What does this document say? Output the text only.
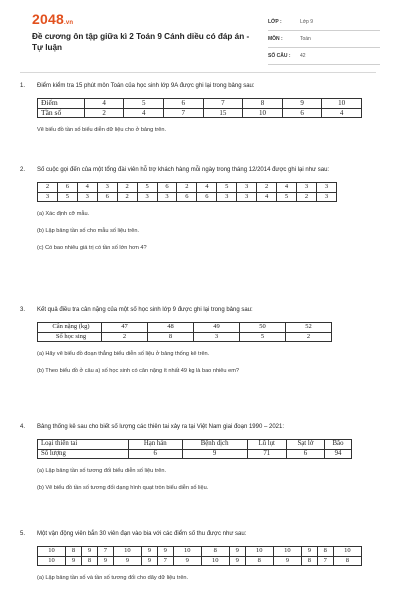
2048.vn
Đề cương ôn tập giữa kì 2 Toán 9 Cánh diều có đáp án - Tự luận
LỚP :	Lớp 9
MÔN :	Toán
SỐ CÂU :	42
1.	Điểm kiểm tra 15 phút môn Toán của học sinh lớp 9A được ghi lại trong bảng sau:

Điểm	4	5	6	7	8	9	10
Tần số	2	4	7	15	10	6	4
Vẽ biểu đồ tần số biểu diễn dữ liệu cho ở bảng trên.
2.	Số cuộc gọi đến của một tổng đài viên hỗ trợ khách hàng mỗi ngày trong tháng 12/2014 được ghi lại như sau:

2	6	4	3	2	5	6	2	4	5	3	2	4	3	3
3	5	3	6	2	3	3	6	6	3	3	4	5	2	3
(a) Xác định cỡ mẫu.
(b) Lập bảng tần số cho mẫu số liệu trên.
(c) Có bao nhiêu giá trị có tần số lớn hơn 4?
3.	Kết quả điều tra cân nặng của một số học sinh lớp 9 được ghi lại trong bảng sau:

Cân nặng (kg)	47	48	49	50	52
Số học sing	2	8	3	5	2
(a) Hãy vẽ biểu đồ đoạn thẳng biểu diễn số liệu ở bảng thống kê trên.
(b) Theo biểu đồ ở câu a) số học sinh có cân nặng ít nhất 49 kg là bao nhiêu em?
4.	Bảng thống kê sau cho biết số lượng các thiên tai xảy ra tại Việt Nam giai đoạn 1990 – 2021:

Loại thiên tai	Hạn hán	Bệnh dịch	Lũ lụt	Sạt lở	Bão
Số lượng	6	9	71	6	94
(a) Lập bảng tần số tương đối biểu diễn số liệu trên.
(b) Vẽ biểu đồ tần số tương đối dạng hình quạt tròn biểu diễn số liệu.
5.	Một vận động viên bắn 30 viên đạn vào bia với các điểm số thu được như sau:

10	8	9	7	10	9	9	10	8	9	10	10	9	8	10
10	9	8	9	9	9	7	9	10	9	8	9	8	7	8
(a) Lập bảng tần số và tần số tương đối cho dãy dữ liệu trên.
